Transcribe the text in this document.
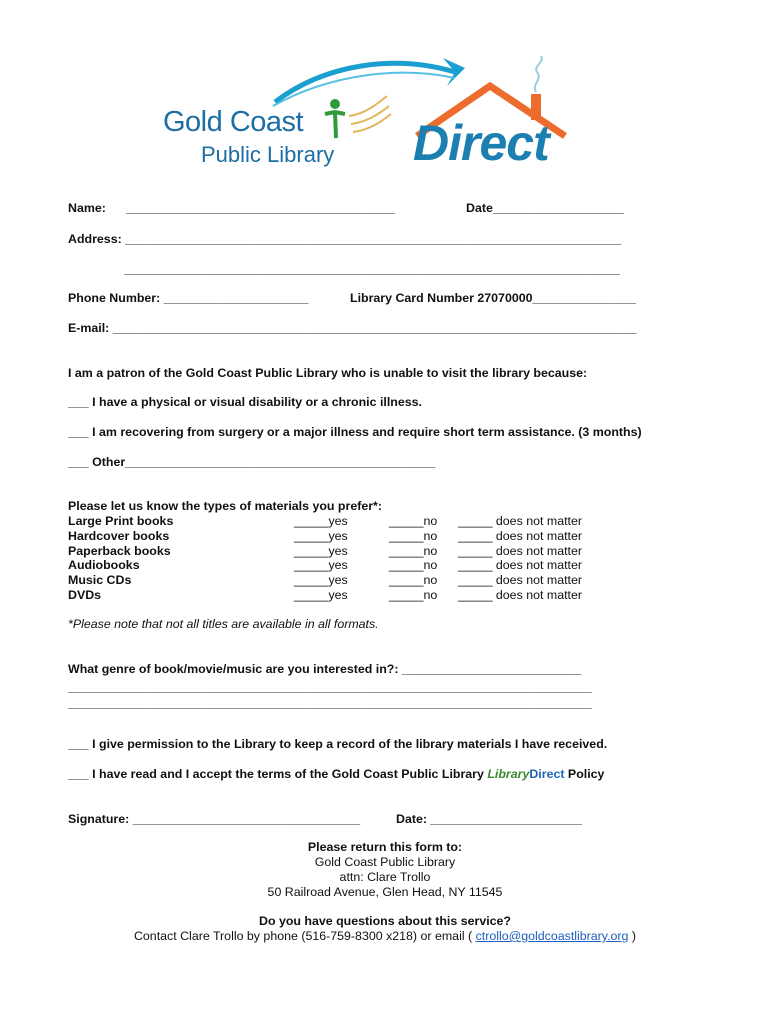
Gold Coast
Public Library Direct
Name: _______________________________________	Date___________________
Address: ________________________________________________________________________
________________________________________________________________________
Phone Number: _____________________	Library Card Number 27070000_______________
E-mail: ____________________________________________________________________________
I am a patron of the Gold Coast Public Library who is unable to visit the library because:
___ I have a physical or visual disability or a chronic illness.
___ I am recovering from surgery or a major illness and require short term assistance. (3 months)
___ Other_____________________________________________
Please let us know the types of materials you prefer*:
Large Print books	_____yes	_____no _____ does not matter
Hardcover books	_____yes	_____no _____ does not matter
Paperback books	_____yes	_____no _____ does not matter
Audiobooks	_____yes	_____no _____ does not matter
Music CDs	_____yes	_____no _____ does not matter
DVDs	_____yes	_____no _____ does not matter
*Please note that not all titles are available in all formats.
What genre of book/movie/music are you interested in?: __________________________
____________________________________________________________________________
____________________________________________________________________________
___ I give permission to the Library to keep a record of the library materials I have received.
___ I have read and I accept the terms of the Gold Coast Public Library LibraryDirect Policy
Signature: _________________________________	Date: ______________________
Please return this form to:
Gold Coast Public Library
attn: Clare Trollo
50 Railroad Avenue, Glen Head, NY 11545
Do you have questions about this service?
Contact Clare Trollo by phone (516-759-8300 x218) or email ( ctrollo@goldcoastlibrary.org )
